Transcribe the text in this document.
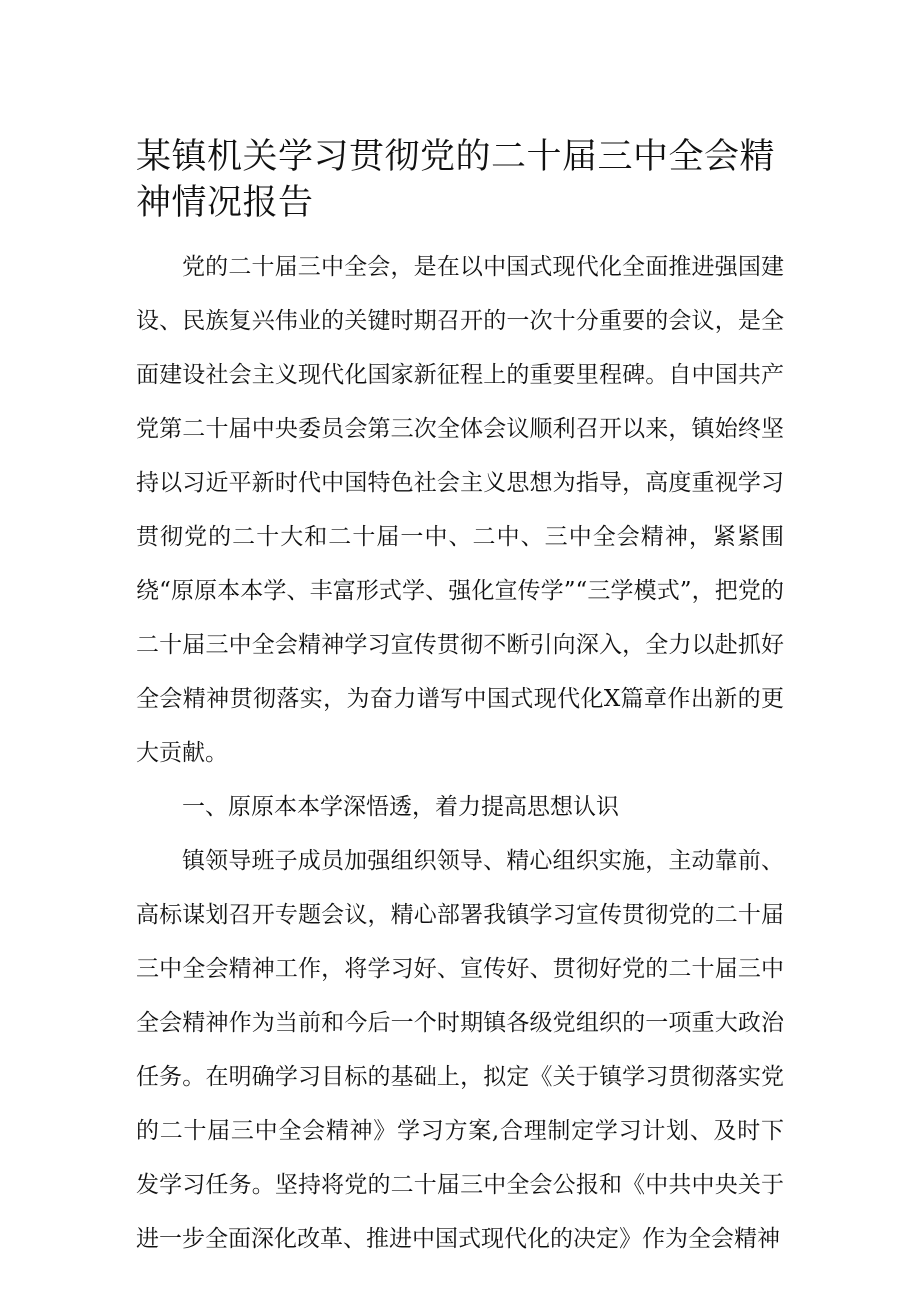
某镇机关学习贯彻党的二十届三中全会精神情况报告

党的二十届三中全会，是在以中国式现代化全面推进强国建设、民族复兴伟业的关键时期召开的一次十分重要的会议，是全面建设社会主义现代化国家新征程上的重要里程碑。自中国共产党第二十届中央委员会第三次全体会议顺利召开以来，镇始终坚持以习近平新时代中国特色社会主义思想为指导，高度重视学习贯彻党的二十大和二十届一中、二中、三中全会精神，紧紧围绕“原原本本学、丰富形式学、强化宣传学”“三学模式”，把党的二十届三中全会精神学习宣传贯彻不断引向深入，全力以赴抓好全会精神贯彻落实，为奋力谱写中国式现代化X篇章作出新的更大贡献。

一、原原本本学深悟透，着力提高思想认识

镇领导班子成员加强组织领导、精心组织实施，主动靠前、高标谋划召开专题会议，精心部署我镇学习宣传贯彻党的二十届三中全会精神工作，将学习好、宣传好、贯彻好党的二十届三中全会精神作为当前和今后一个时期镇各级党组织的一项重大政治任务。在明确学习目标的基础上，拟定《关于镇学习贯彻落实党的二十届三中全会精神》学习方案,合理制定学习计划、及时下发学习任务。坚持将党的二十届三中全会公报和《中共中央关于进一步全面深化改革、推进中国式现代化的决定》作为全会精神
